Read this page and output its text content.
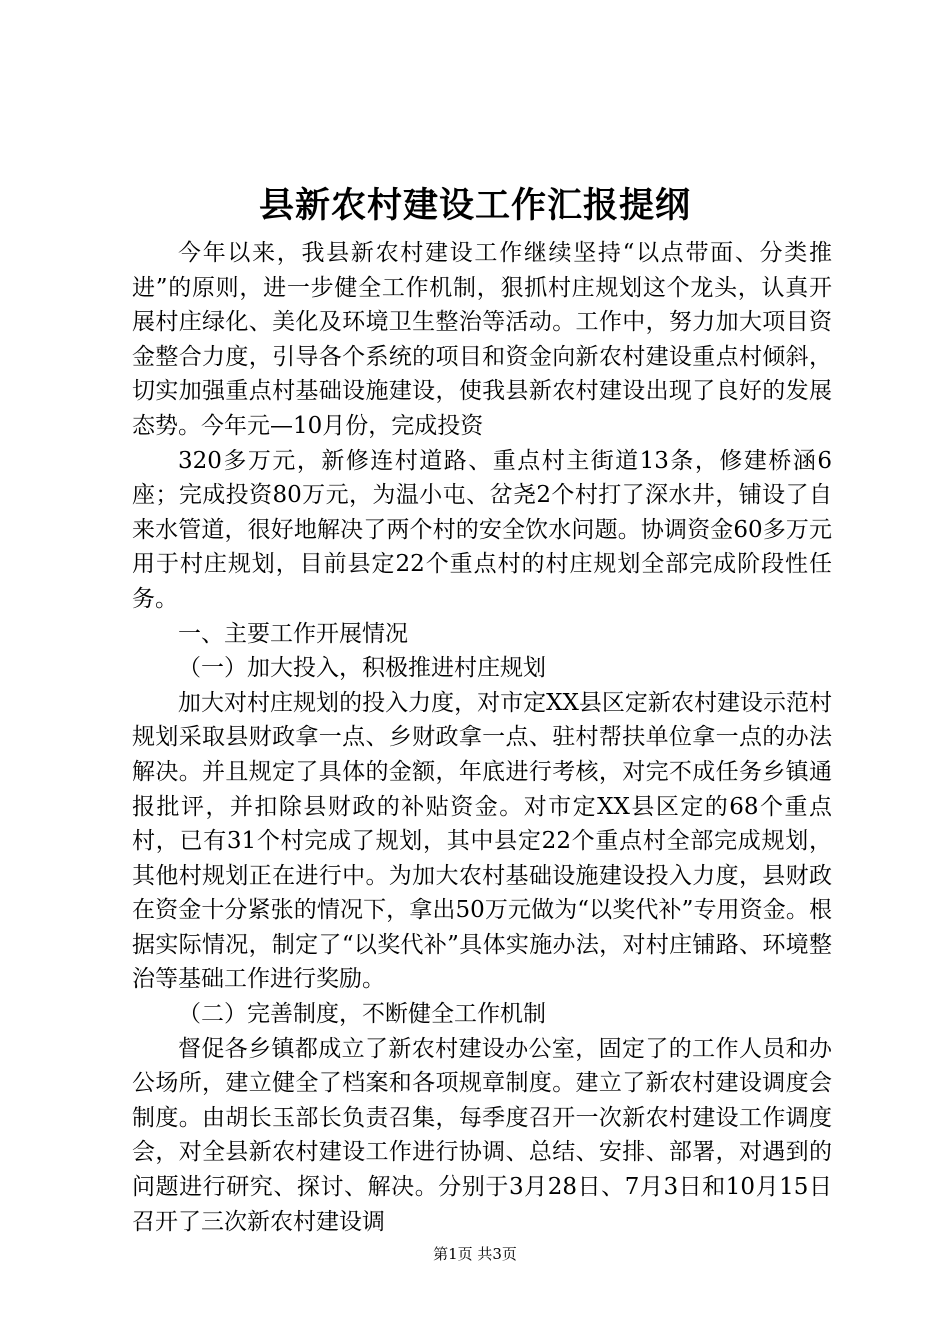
县新农村建设工作汇报提纲

今年以来，我县新农村建设工作继续坚持“以点带面、分类推进”的原则，进一步健全工作机制，狠抓村庄规划这个龙头，认真开展村庄绿化、美化及环境卫生整治等活动。工作中，努力加大项目资金整合力度，引导各个系统的项目和资金向新农村建设重点村倾斜，切实加强重点村基础设施建设，使我县新农村建设出现了良好的发展态势。今年元—10月份，完成投资

320多万元，新修连村道路、重点村主街道13条，修建桥涵6座；完成投资80万元，为温小屯、岔尧2个村打了深水井，铺设了自来水管道，很好地解决了两个村的安全饮水问题。协调资金60多万元用于村庄规划，目前县定22个重点村的村庄规划全部完成阶段性任务。

一、主要工作开展情况

（一）加大投入，积极推进村庄规划

加大对村庄规划的投入力度，对市定XX县区定新农村建设示范村规划采取县财政拿一点、乡财政拿一点、驻村帮扶单位拿一点的办法解决。并且规定了具体的金额，年底进行考核，对完不成任务乡镇通报批评，并扣除县财政的补贴资金。对市定XX县区定的68个重点村，已有31个村完成了规划，其中县定22个重点村全部完成规划，其他村规划正在进行中。为加大农村基础设施建设投入力度，县财政在资金十分紧张的情况下，拿出50万元做为“以奖代补”专用资金。根据实际情况，制定了“以奖代补”具体实施办法，对村庄铺路、环境整治等基础工作进行奖励。

（二）完善制度，不断健全工作机制

督促各乡镇都成立了新农村建设办公室，固定了的工作人员和办公场所，建立健全了档案和各项规章制度。建立了新农村建设调度会制度。由胡长玉部长负责召集，每季度召开一次新农村建设工作调度会，对全县新农村建设工作进行协调、总结、安排、部署，对遇到的问题进行研究、探讨、解决。分别于3月28日、7月3日和10月15日召开了三次新农村建设调

第1页 共3页
